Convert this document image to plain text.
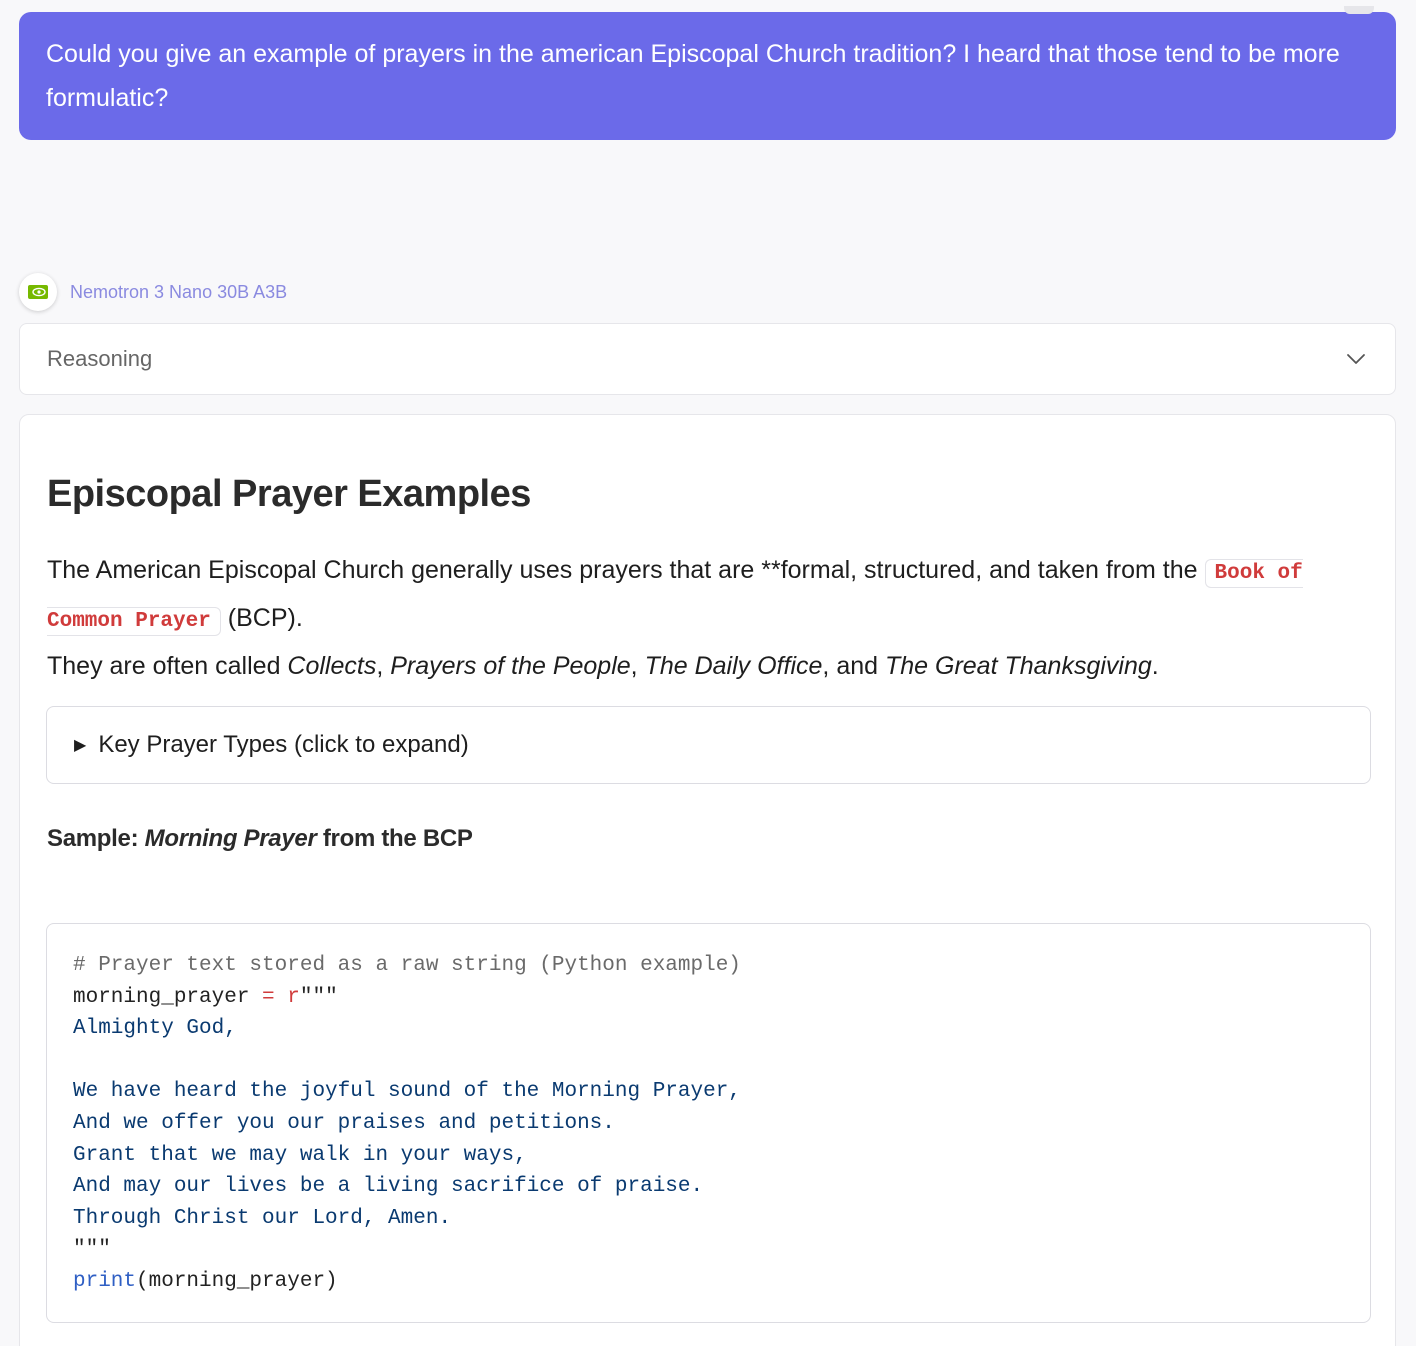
Could you give an example of prayers in the american Episcopal Church tradition? I heard that those tend to be more formulatic?
Nemotron 3 Nano 30B A3B
Reasoning
Episcopal Prayer Examples
The American Episcopal Church generally uses prayers that are **formal, structured, and taken from the Book of Common Prayer (BCP).
They are often called Collects, Prayers of the People, The Daily Office, and The Great Thanksgiving.
▶ Key Prayer Types (click to expand)
Sample: Morning Prayer from the BCP
# Prayer text stored as a raw string (Python example)
morning_prayer = r"""
Almighty God,

We have heard the joyful sound of the Morning Prayer,
And we offer you our praises and petitions.
Grant that we may walk in your ways,
And may our lives be a living sacrifice of praise.
Through Christ our Lord, Amen.
"""
print(morning_prayer)
